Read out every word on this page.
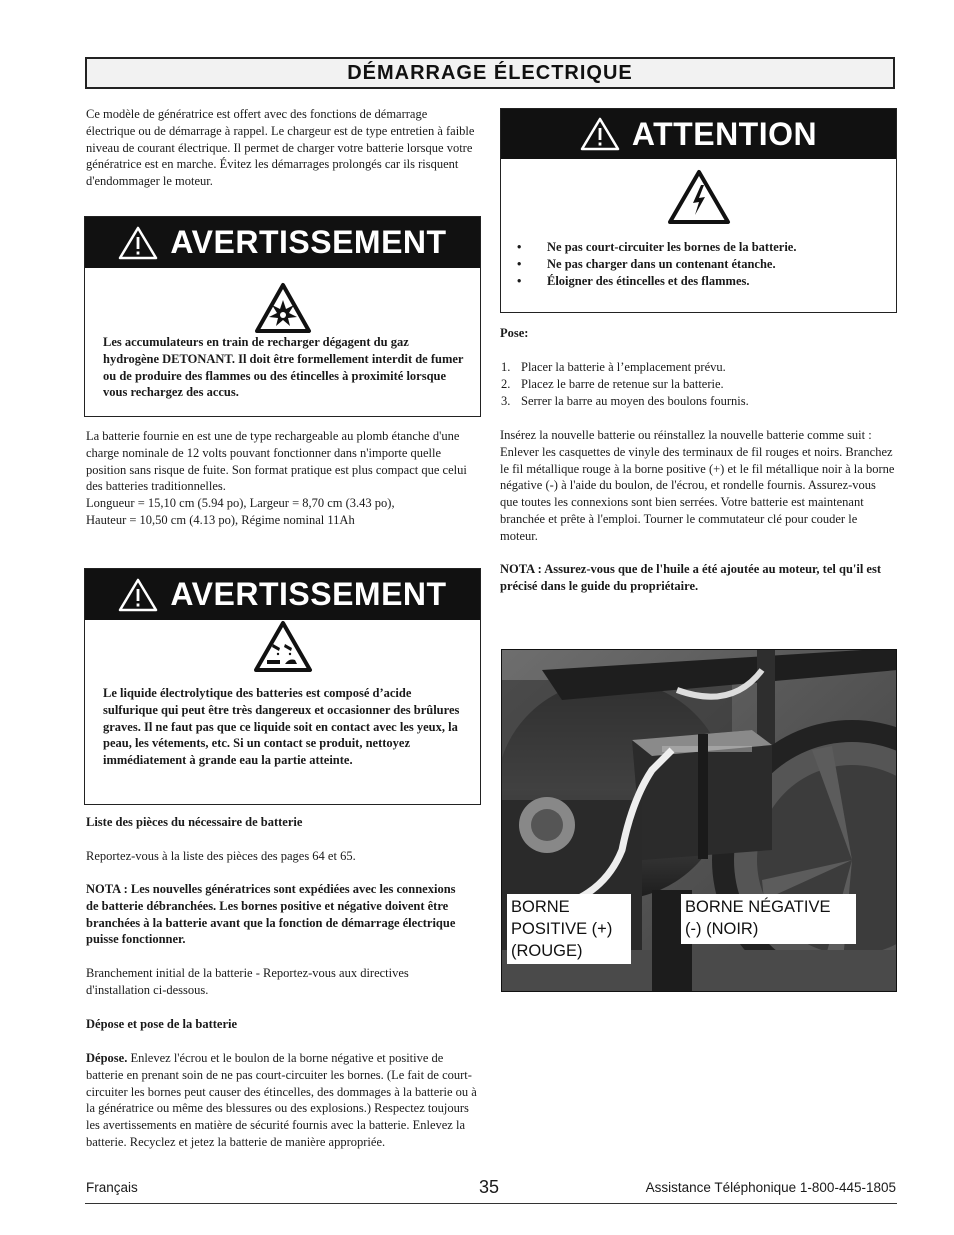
DÉMARRAGE ÉLECTRIQUE
Ce modèle de génératrice est offert avec des fonctions de démarrage électrique ou de démarrage à rappel. Le chargeur est de type entretien à faible niveau de courant électrique. Il permet de charger votre batterie lorsque votre génératrice est en marche. Évitez les démarrages prolongés car ils risquent d'endommager le moteur.
AVERTISSEMENT
Les accumulateurs en train de recharger dégagent du gaz hydrogène DETONANT. Il doit être formellement interdit de fumer ou de produire des flammes ou des étincelles à proximité lorsque vous rechargez des accus.
La batterie fournie en est une de type rechargeable au plomb étanche d'une charge nominale de 12 volts pouvant fonctionner dans n'importe quelle position sans risque de fuite. Son format pratique est plus compact que celui des batteries traditionnelles.
Longueur = 15,10 cm (5.94 po), Largeur = 8,70 cm (3.43 po),
Hauteur = 10,50 cm (4.13 po), Régime nominal 11Ah
AVERTISSEMENT
Le liquide électrolytique des batteries est composé d’acide sulfurique qui peut être très dangereux et occasionner des brûlures graves. Il ne faut pas que ce liquide soit en contact avec les yeux, la peau, les vétements, etc. Si un contact se produit, nettoyez immédiatement à grande eau la partie atteinte.
Liste des pièces du nécessaire de batterie
Reportez-vous à la liste des pièces des pages 64 et 65.
NOTA : Les nouvelles génératrices sont expédiées avec les connexions de batterie débranchées. Les bornes positive et négative doivent être branchées à la batterie avant que la fonction de démarrage électrique puisse fonctionner.
Branchement initial de la batterie - Reportez-vous aux directives d'installation ci-dessous.
Dépose et pose de la batterie
Dépose. Enlevez l'écrou et le boulon de la borne négative et positive de batterie en prenant soin de ne pas court-circuiter les bornes. (Le fait de court-circuiter les bornes peut causer des étincelles, des dommages à la batterie ou à la génératrice ou même des blessures ou des explosions.) Respectez toujours les avertissements en matière de sécurité fournis avec la batterie. Enlevez la batterie. Recyclez et jetez la batterie de manière appropriée.
ATTENTION
•	Ne pas court-circuiter les bornes de la batterie.
•	Ne pas charger dans un contenant étanche.
•	Éloigner des étincelles et des flammes.
Pose:
1. Placer la batterie à l’emplacement prévu.
2. Placez le barre de retenue sur la batterie.
3. Serrer la barre au moyen des boulons fournis.
Insérez la nouvelle batterie ou réinstallez la nouvelle batterie comme suit : Enlever les casquettes de vinyle des terminaux de fil rouges et noirs. Branchez le fil métallique rouge à la borne positive (+) et le fil métallique noir à la borne négative (-) à l'aide du boulon, de l'écrou, et rondelle fournis. Assurez-vous que toutes les connexions sont bien serrées. Votre batterie est maintenant branchée et prête à l'emploi. Tourner le commutateur clé pour couder le moteur.
NOTA : Assurez-vous que de l'huile a été ajoutée au moteur, tel qu'il est précisé dans le guide du propriétaire.
BORNE
POSITIVE (+)
(ROUGE)
BORNE NÉGATIVE
(-) (NOIR)
Français	35	Assistance Téléphonique 1-800-445-1805
